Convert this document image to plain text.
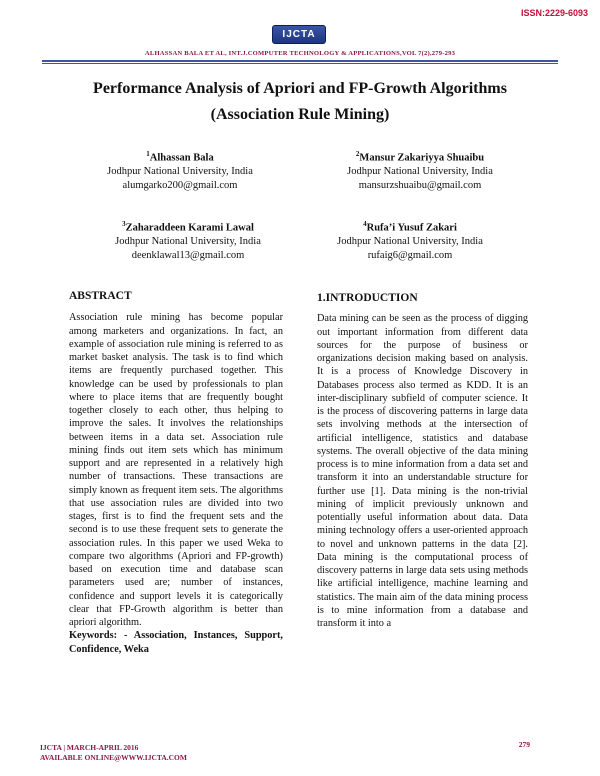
ISSN:2229-6093
IJCTA
ALHASSAN BALA ET AL, INT.J.COMPUTER TECHNOLOGY & APPLICATIONS,VOL 7(2),279-293
Performance Analysis of Apriori and FP-Growth Algorithms
(Association Rule Mining)
$^1$Alhassan Bala
Jodhpur National University, India
alumgarko200@gmail.com
$^2$Mansur Zakariyya Shuaibu
Jodhpur National University, India
mansurzshuaibu@gmail.com
$^3$Zaharaddeen Karami Lawal
Jodhpur National University, India
deenklawal13@gmail.com
$^4$Rufa’i Yusuf Zakari
Jodhpur National University, India
rufaig6@gmail.com
ABSTRACT

Association rule mining has become popular among marketers and organizations. In fact, an example of association rule mining is referred to as market basket analysis. The task is to find which items are frequently purchased together. This knowledge can be used by professionals to plan where to place items that are frequently bought together closely to each other, thus helping to improve the sales. It involves the relationships between items in a data set. Association rule mining finds out item sets which has minimum support and are represented in a relatively high number of transactions. These transactions are simply known as frequent item sets. The algorithms that use association rules are divided into two stages, first is to find the frequent sets and the second is to use these frequent sets to generate the association rules. In this paper we used Weka to compare two algorithms (Apriori and FP-growth) based on execution time and database scan parameters used are; number of instances, confidence and support levels it is categorically clear that FP-Growth algorithm is better than apriori algorithm.

Keywords: - Association, Instances, Support, Confidence, Weka

1.INTRODUCTION

Data mining can be seen as the process of digging out important information from different data sources for the purpose of business or organizations decision making based on analysis. It is a process of Knowledge Discovery in Databases process also termed as KDD. It is an inter-disciplinary subfield of computer science. It is the process of discovering patterns in large data sets involving methods at the intersection of artificial intelligence, statistics and database systems. The overall objective of the data mining process is to mine information from a data set and transform it into an understandable structure for further use [1]. Data mining is the non-trivial mining of implicit previously unknown and potentially useful information about data. Data mining technology offers a user-oriented approach to novel and unknown patterns in the data [2]. Data mining is the computational process of discovery patterns in large data sets using methods like artificial intelligence, machine learning and statistics. The main aim of the data mining process is to mine information from a database and transform it into a

IJCTA | MARCH-APRIL 2016
AVAILABLE ONLINE@WWW.IJCTA.COM
279
